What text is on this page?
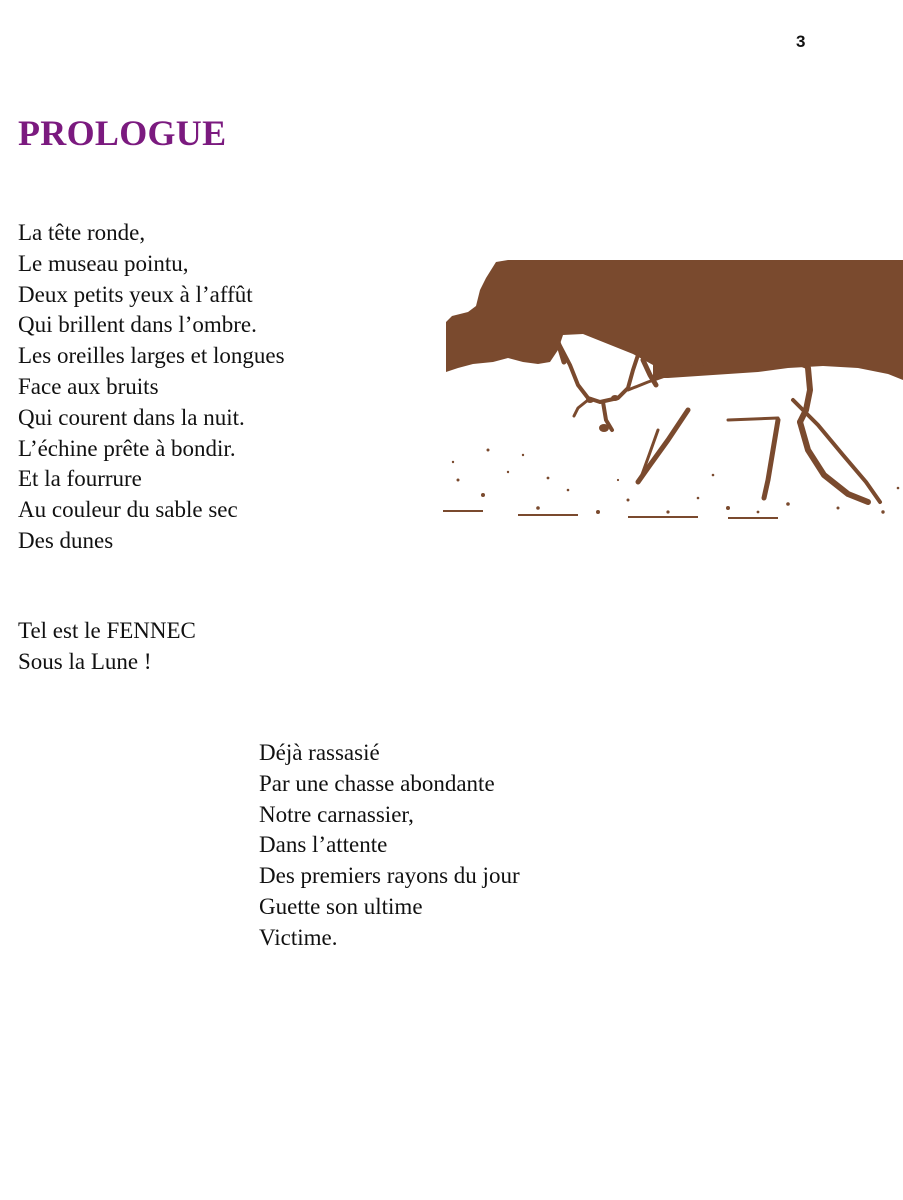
3
PROLOGUE
La tête ronde,
Le museau pointu,
Deux petits yeux à l’affût
Qui brillent dans l’ombre.
Les oreilles larges et longues
Face aux bruits
Qui courent dans la nuit.
L’échine prête à bondir.
Et la fourrure
Au couleur du sable sec
Des dunes
Tel est le FENNEC
Sous la Lune !
Déjà rassasié
Par une chasse abondante
Notre carnassier,
Dans l’attente
Des premiers rayons du jour
Guette son ultime
Victime.
